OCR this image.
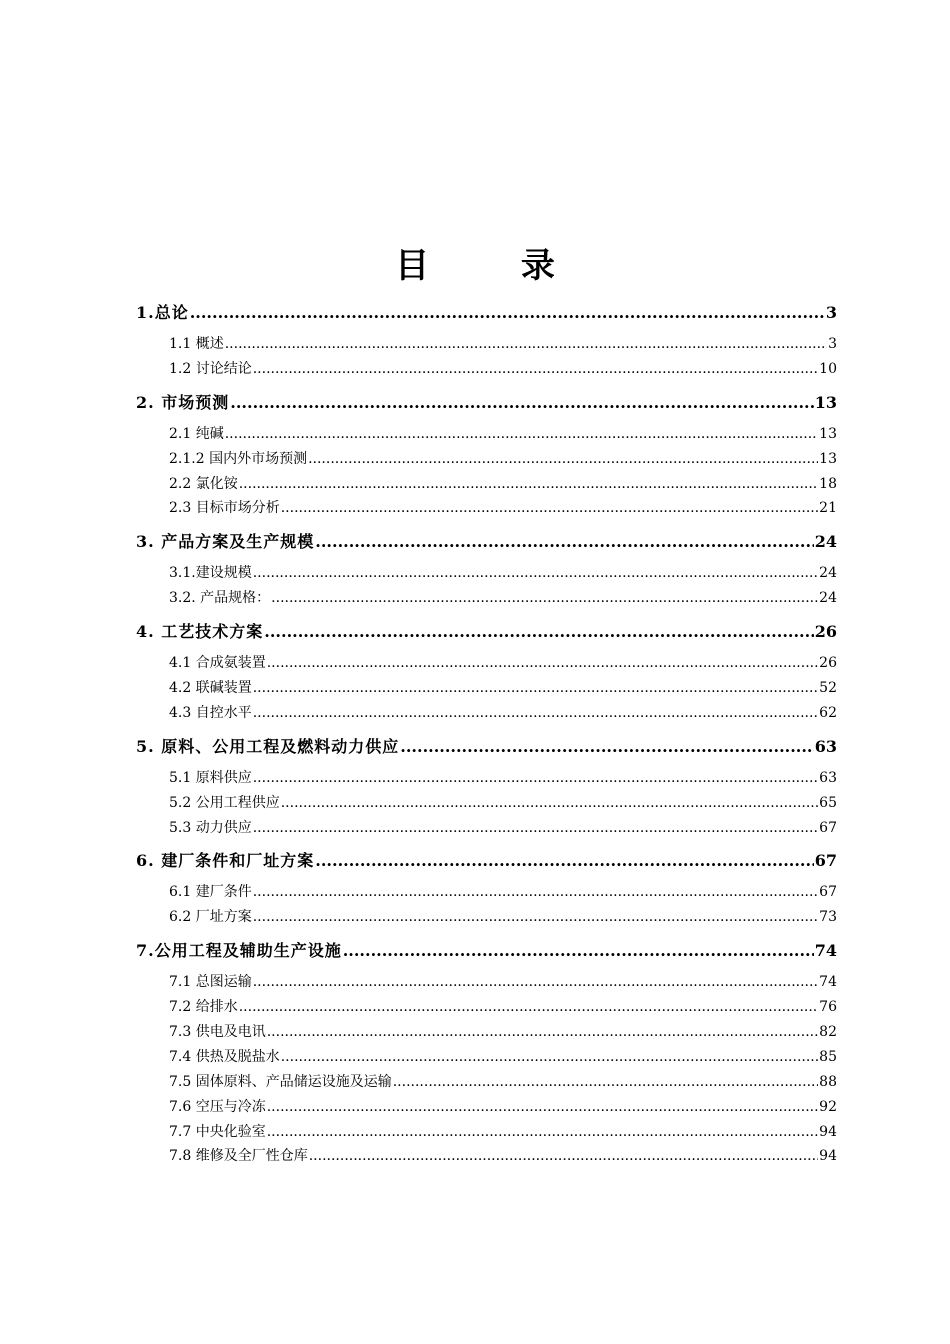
目 录
1.总论 .....	3
1.1 概述 .....	3
1.2 讨论结论 .....	10
2. 市场预测 .....	13
2.1 纯碱 .....	13
2.1.2 国内外市场预测 .....	13
2.2 氯化铵 .....	18
2.3 目标市场分析 .....	21
3. 产品方案及生产规模 .....	24
3.1.建设规模 .....	24
3.2. 产品规格： .....	24
4. 工艺技术方案 .....	26
4.1 合成氨装置 .....	26
4.2 联碱装置 .....	52
4.3 自控水平 .....	62
5. 原料、公用工程及燃料动力供应 .....	63
5.1 原料供应 .....	63
5.2 公用工程供应 .....	65
5.3 动力供应 .....	67
6. 建厂条件和厂址方案 .....	67
6.1 建厂条件 .....	67
6.2 厂址方案 .....	73
7.公用工程及辅助生产设施 .....	74
7.1 总图运输 .....	74
7.2 给排水 .....	76
7.3 供电及电讯 .....	82
7.4 供热及脱盐水 .....	85
7.5 固体原料、产品储运设施及运输 .....	88
7.6 空压与冷冻 .....	92
7.7 中央化验室 .....	94
7.8 维修及全厂性仓库 .....	94
